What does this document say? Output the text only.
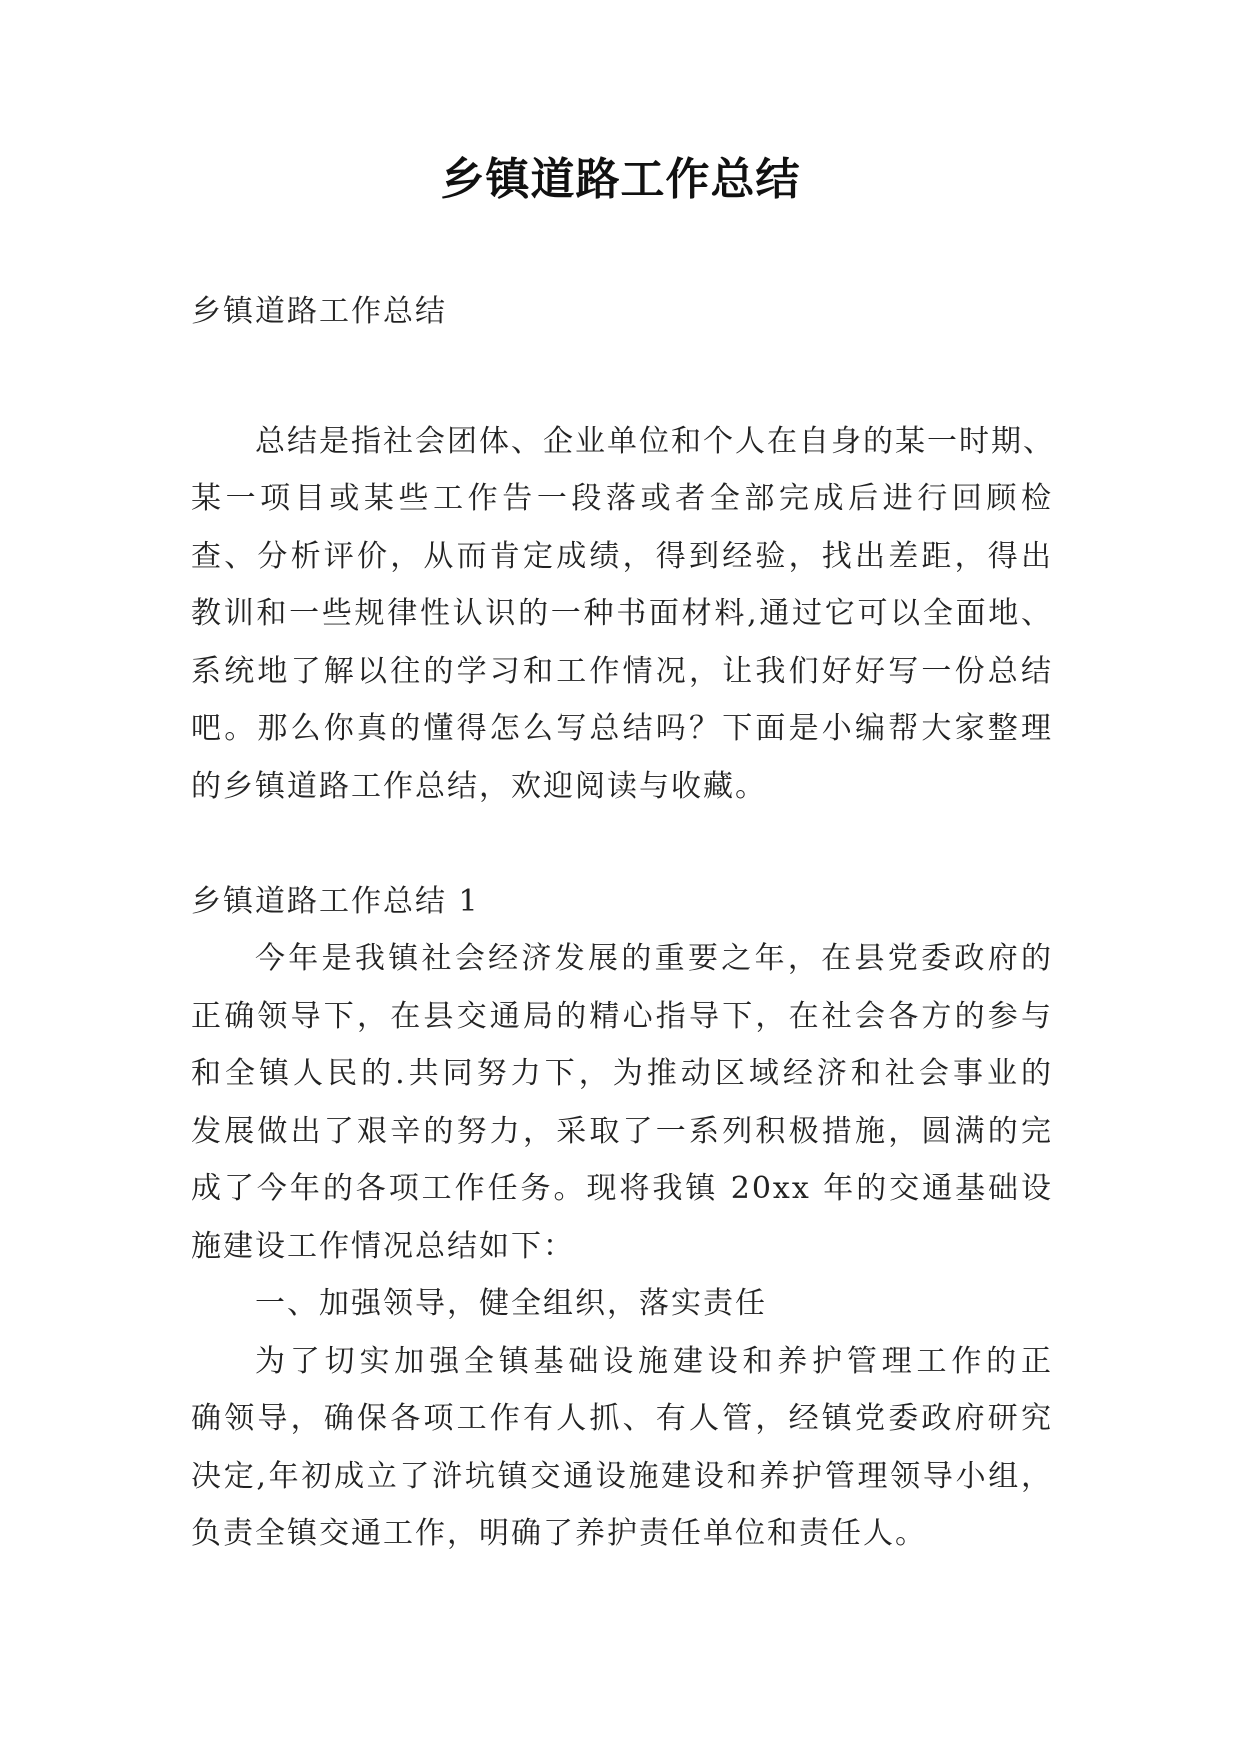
乡镇道路工作总结
乡镇道路工作总结
总结是指社会团体、企业单位和个人在自身的某一时期、
某一项目或某些工作告一段落或者全部完成后进行回顾检
查、分析评价，从而肯定成绩，得到经验，找出差距，得出
教训和一些规律性认识的一种书面材料,通过它可以全面地、
系统地了解以往的学习和工作情况，让我们好好写一份总结
吧。那么你真的懂得怎么写总结吗？下面是小编帮大家整理
的乡镇道路工作总结，欢迎阅读与收藏。
乡镇道路工作总结 1
今年是我镇社会经济发展的重要之年，在县党委政府的
正确领导下，在县交通局的精心指导下，在社会各方的参与
和全镇人民的.共同努力下，为推动区域经济和社会事业的
发展做出了艰辛的努力，采取了一系列积极措施，圆满的完
成了今年的各项工作任务。现将我镇 20xx 年的交通基础设
施建设工作情况总结如下：
一、加强领导，健全组织，落实责任
为了切实加强全镇基础设施建设和养护管理工作的正
确领导，确保各项工作有人抓、有人管，经镇党委政府研究
决定,年初成立了浒坑镇交通设施建设和养护管理领导小组，
负责全镇交通工作，明确了养护责任单位和责任人。
